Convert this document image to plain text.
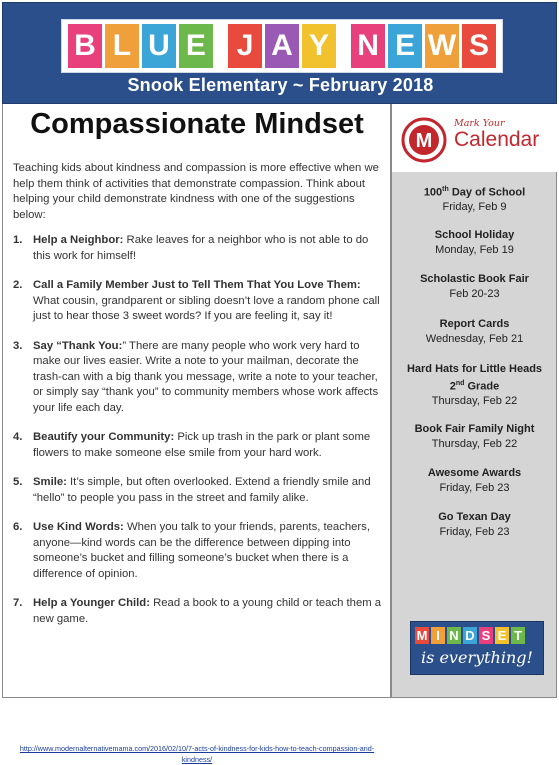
B L U E J A Y N E W S
Snook Elementary ~ February 2018
Compassionate Mindset

Teaching kids about kindness and compassion is more effective when we help them think of activities that demonstrate compassion. Think about helping your child demonstrate kindness with one of the suggestions below:

1. Help a Neighbor: Rake leaves for a neighbor who is not able to do this work for himself!
2. Call a Family Member Just to Tell Them That You Love Them: What cousin, grandparent or sibling doesn’t love a random phone call just to hear those 3 sweet words? If you are feeling it, say it!
3. Say “Thank You:” There are many people who work very hard to make our lives easier. Write a note to your mailman, decorate the trash-can with a big thank you message, write a note to your teacher, or simply say “thank you” to community members whose work affects your life each day.
4. Beautify your Community: Pick up trash in the park or plant some flowers to make someone else smile from your hard work.
5. Smile: It’s simple, but often overlooked. Extend a friendly smile and “hello” to people you pass in the street and family alike.
6. Use Kind Words: When you talk to your friends, parents, teachers, anyone—kind words can be the difference between dipping into someone’s bucket and filling someone’s bucket when there is a difference of opinion.
7. Help a Younger Child: Read a book to a young child or teach them a new game.
http://www.modernalternativemama.com/2016/02/10/7-acts-of-kindness-for-kids-how-to-teach-compassion-and-kindness/
M
Mark Your
Calendar
100th Day of School
Friday, Feb 9
School Holiday
Monday, Feb 19
Scholastic Book Fair
Feb 20-23
Report Cards
Wednesday, Feb 21
Hard Hats for Little Heads
2nd Grade
Thursday, Feb 22
Book Fair Family Night
Thursday, Feb 22
Awesome Awards
Friday, Feb 23
Go Texan Day
Friday, Feb 23
M I N D S E T
is everything!
